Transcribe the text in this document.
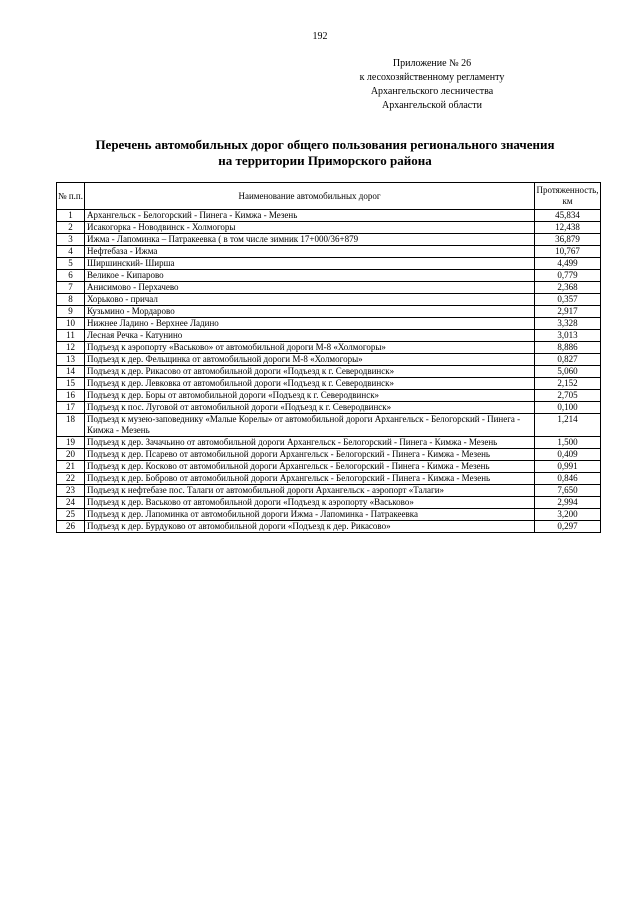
192
Приложение № 26
к лесохозяйственному регламенту
Архангельского лесничества
Архангельской области
Перечень автомобильных дорог общего пользования регионального значения
на территории Приморского района
№ п.п.	Наименование автомобильных дорог	Протяженность, км
1	Архангельск - Белогорский - Пинега - Кимжа - Мезень	45,834
2	Исакогорка - Новодвинск - Холмогоры	12,438
3	Ижма - Лапоминка – Патракеевка ( в том числе зимник 17+000/36+879	36,879
4	Нефтебаза - Ижма	10,767
5	Ширшинский- Ширша	4,499
6	Великое - Кипарово	0,779
7	Анисимово - Перхачево	2,368
8	Хорьково - причал	0,357
9	Кузьмино - Мордарово	2,917
10	Нижнее Ладино - Верхнее Ладино	3,328
11	Лесная Речка - Катунино	3,013
12	Подъезд к аэропорту «Васьково» от автомобильной дороги М-8 «Холмогоры»	8,886
13	Подъезд к дер. Фельщинка от автомобильной дороги М-8 «Холмогоры»	0,827
14	Подъезд к дер. Рикасово от автомобильной дороги «Подъезд к г. Северодвинск»	5,060
15	Подъезд к дер. Левковка от автомобильной дороги «Подъезд к г. Северодвинск»	2,152
16	Подъезд к дер. Боры от автомобильной дороги «Подъезд к г. Северодвинск»	2,705
17	Подъезд к пос. Луговой от автомобильной дороги «Подъезд к г. Северодвинск»	0,100
18	Подъезд к музею-заповеднику «Малые Корелы» от автомобильной дороги Архангельск - Белогорский - Пинега - Кимжа - Мезень	1,214
19	Подъезд к дер. Зачачьино от автомобильной дороги Архангельск - Белогорский - Пинега - Кимжа - Мезень	1,500
20	Подъезд к дер. Псарево от автомобильной дороги Архангельск - Белогорский - Пинега - Кимжа - Мезень	0,409
21	Подъезд к дер. Косково от автомобильной дороги Архангельск - Белогорский - Пинега - Кимжа - Мезень	0,991
22	Подъезд к дер. Боброво от автомобильной дороги Архангельск - Белогорский - Пинега - Кимжа - Мезень	0,846
23	Подъезд к нефтебазе пос. Талаги от автомобильной дороги Архангельск - аэропорт «Талаги»	7,650
24	Подъезд к дер. Васьково от автомобильной дороги «Подъезд к аэропорту «Васьково»	2,994
25	Подъезд к дер. Лапоминка от автомобильной дороги Ижма - Лапоминка - Патракеевка	3,200
26	Подъезд к дер. Бурдуково от автомобильной дороги «Подъезд к дер. Рикасово»	0,297
